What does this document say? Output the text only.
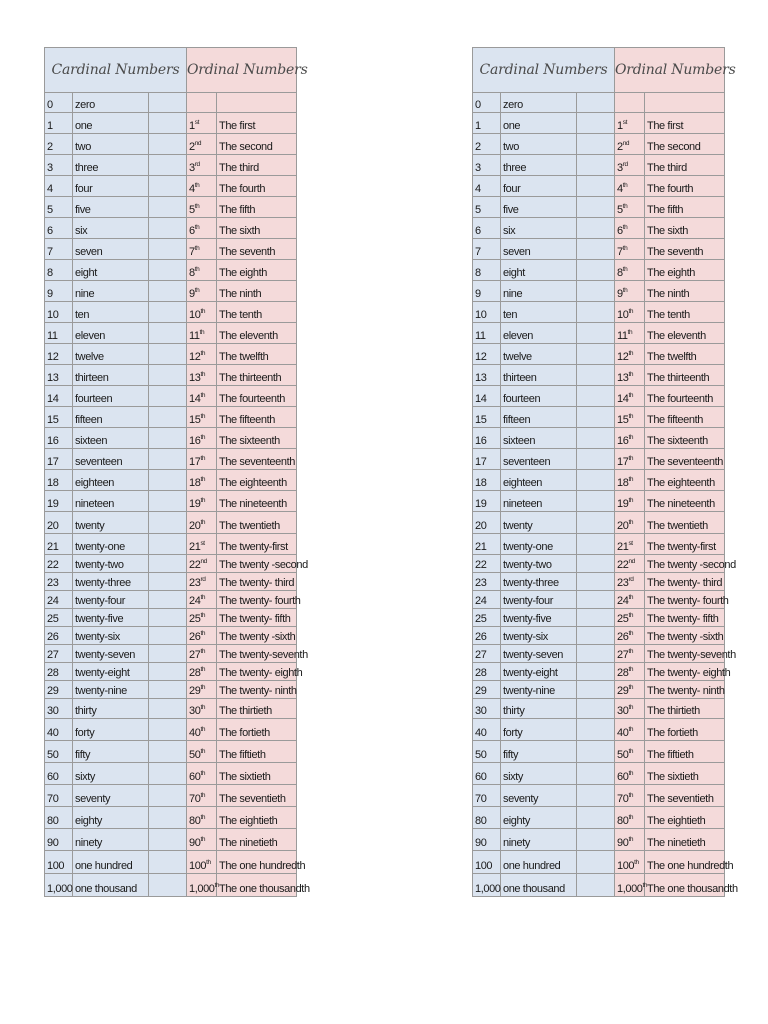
Cardinal Numbers			Ordinal Numbers	
0	zero			
1	one		1st	The first
2	two		2nd	The second
3	three		3rd	The third
4	four		4th	The fourth
5	five		5th	The fifth
6	six		6th	The sixth
7	seven		7th	The seventh
8	eight		8th	The eighth
9	nine		9th	The ninth
10	ten		10th	The tenth
11	eleven		11th	The eleventh
12	twelve		12th	The twelfth
13	thirteen		13th	The thirteenth
14	fourteen		14th	The fourteenth
15	fifteen		15th	The fifteenth
16	sixteen		16th	The sixteenth
17	seventeen		17th	The seventeenth
18	eighteen		18th	The eighteenth
19	nineteen		19th	The nineteenth
20	twenty		20th	The twentieth
21	twenty-one		21st	The twenty-first
22	twenty-two		22nd	The twenty -second
23	twenty-three		23rd	The twenty- third
24	twenty-four		24th	The twenty- fourth
25	twenty-five		25th	The twenty- fifth
26	twenty-six		26th	The twenty -sixth
27	twenty-seven		27th	The twenty-seventh
28	twenty-eight		28th	The twenty- eighth
29	twenty-nine		29th	The twenty- ninth
30	thirty		30th	The thirtieth
40	forty		40th	The fortieth
50	fifty		50th	The fiftieth
60	sixty		60th	The sixtieth
70	seventy		70th	The seventieth
80	eighty		80th	The eightieth
90	ninety		90th	The ninetieth
100	one hundred		100th	The one hundredth
1,000	one thousand		1,000th	The one thousandth
Cardinal Numbers			Ordinal Numbers	
0	zero			
1	one		1st	The first
2	two		2nd	The second
3	three		3rd	The third
4	four		4th	The fourth
5	five		5th	The fifth
6	six		6th	The sixth
7	seven		7th	The seventh
8	eight		8th	The eighth
9	nine		9th	The ninth
10	ten		10th	The tenth
11	eleven		11th	The eleventh
12	twelve		12th	The twelfth
13	thirteen		13th	The thirteenth
14	fourteen		14th	The fourteenth
15	fifteen		15th	The fifteenth
16	sixteen		16th	The sixteenth
17	seventeen		17th	The seventeenth
18	eighteen		18th	The eighteenth
19	nineteen		19th	The nineteenth
20	twenty		20th	The twentieth
21	twenty-one		21st	The twenty-first
22	twenty-two		22nd	The twenty -second
23	twenty-three		23rd	The twenty- third
24	twenty-four		24th	The twenty- fourth
25	twenty-five		25th	The twenty- fifth
26	twenty-six		26th	The twenty -sixth
27	twenty-seven		27th	The twenty-seventh
28	twenty-eight		28th	The twenty- eighth
29	twenty-nine		29th	The twenty- ninth
30	thirty		30th	The thirtieth
40	forty		40th	The fortieth
50	fifty		50th	The fiftieth
60	sixty		60th	The sixtieth
70	seventy		70th	The seventieth
80	eighty		80th	The eightieth
90	ninety		90th	The ninetieth
100	one hundred		100th	The one hundredth
1,000	one thousand		1,000th	The one thousandth
